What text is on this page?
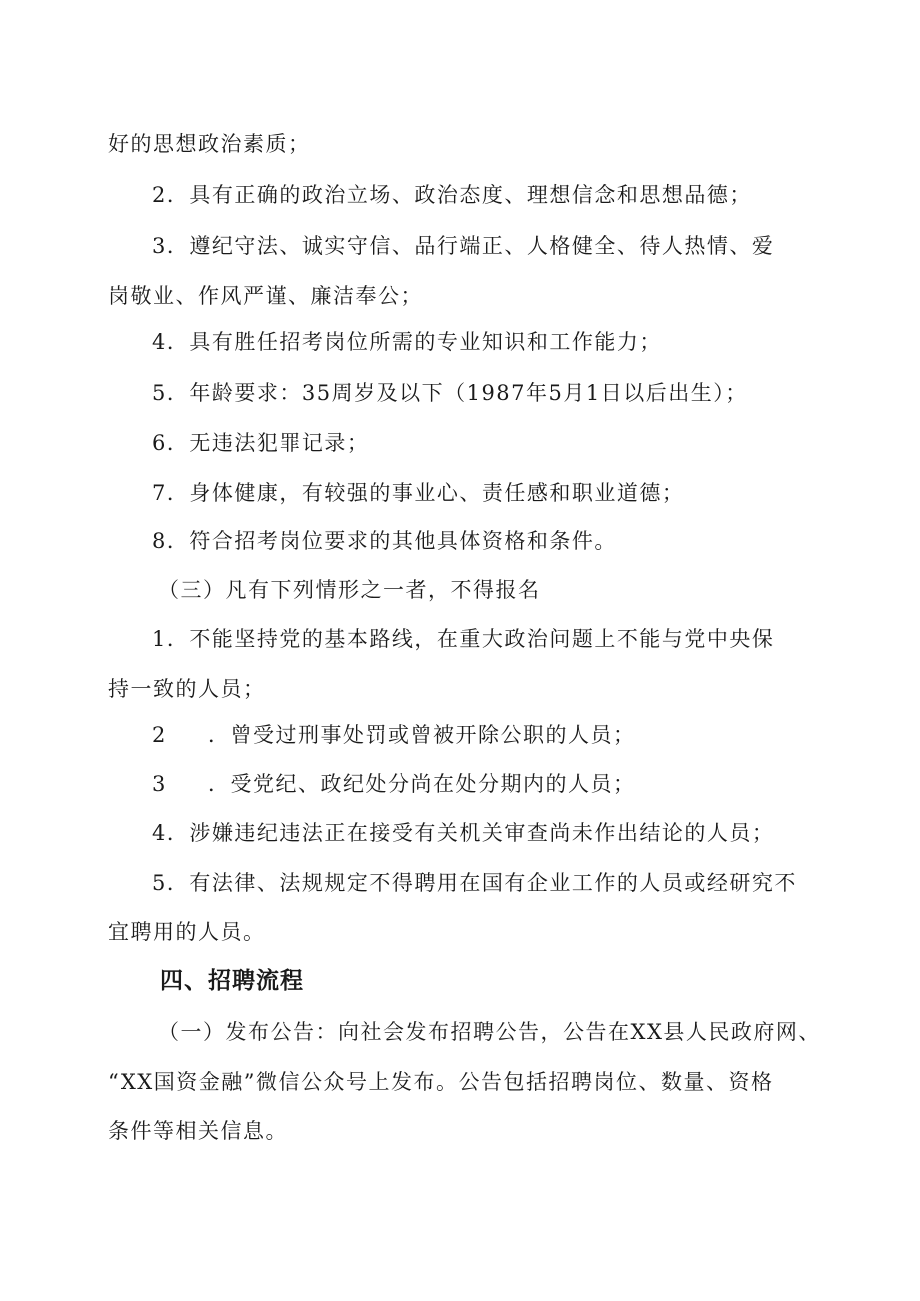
好的思想政治素质；
2．具有正确的政治立场、政治态度、理想信念和思想品德；
3．遵纪守法、诚实守信、品行端正、人格健全、待人热情、爱
岗敬业、作风严谨、廉洁奉公；
4．具有胜任招考岗位所需的专业知识和工作能力；
5．年龄要求：35周岁及以下（1987年5月1日以后出生）；
6．无违法犯罪记录；
7．身体健康，有较强的事业心、责任感和职业道德；
8．符合招考岗位要求的其他具体资格和条件。
（三）凡有下列情形之一者，不得报名
1．不能坚持党的基本路线，在重大政治问题上不能与党中央保
持一致的人员；
2 ．曾受过刑事处罚或曾被开除公职的人员；
3 ．受党纪、政纪处分尚在处分期内的人员；
4．涉嫌违纪违法正在接受有关机关审查尚未作出结论的人员；
5．有法律、法规规定不得聘用在国有企业工作的人员或经研究不
宜聘用的人员。
四、招聘流程
（一）发布公告：向社会发布招聘公告，公告在XX县人民政府网、
“XX国资金融”微信公众号上发布。公告包括招聘岗位、数量、资格
条件等相关信息。
